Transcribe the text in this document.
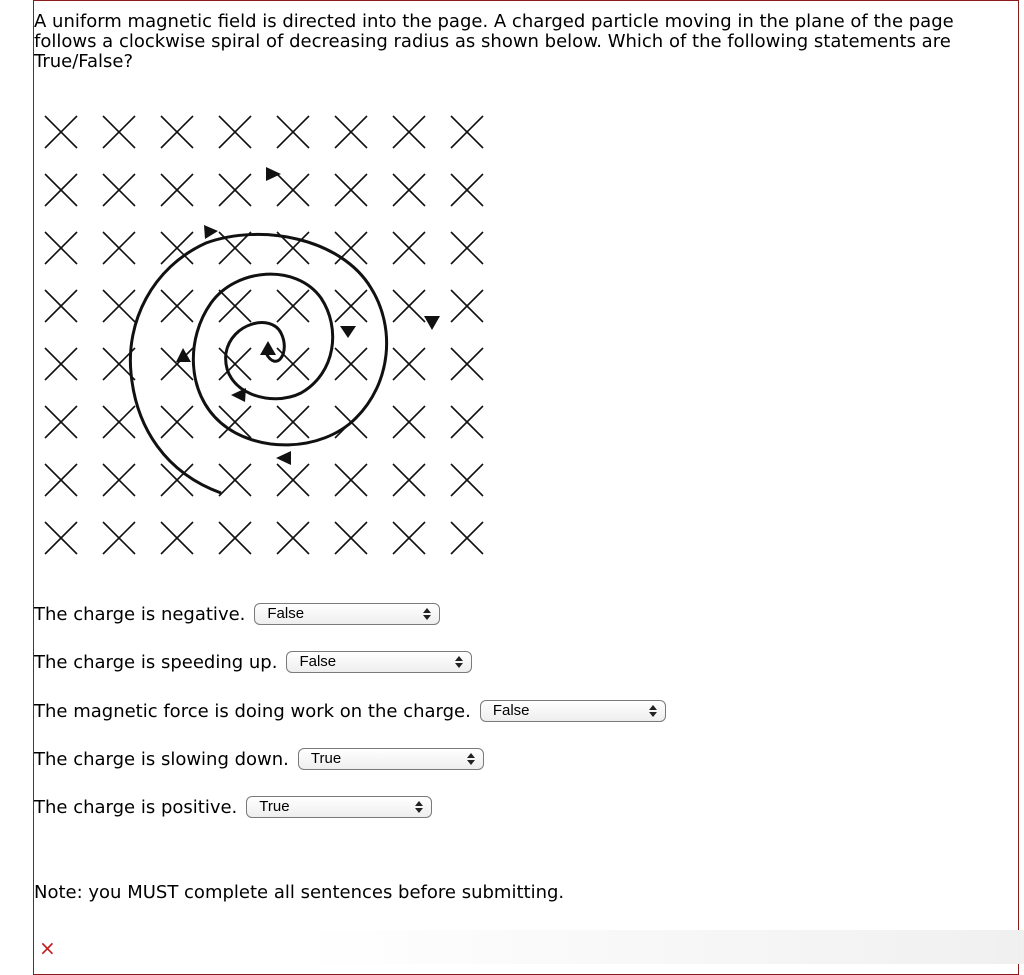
A uniform magnetic field is directed into the page. A charged particle moving in the plane of the page follows a clockwise spiral of decreasing radius as shown below. Which of the following statements are True/False?

The charge is negative.	False
The charge is speeding up.	False
The magnetic force is doing work on the charge.	False
The charge is slowing down.	True
The charge is positive.	True
Note: you MUST complete all sentences before submitting.
×
